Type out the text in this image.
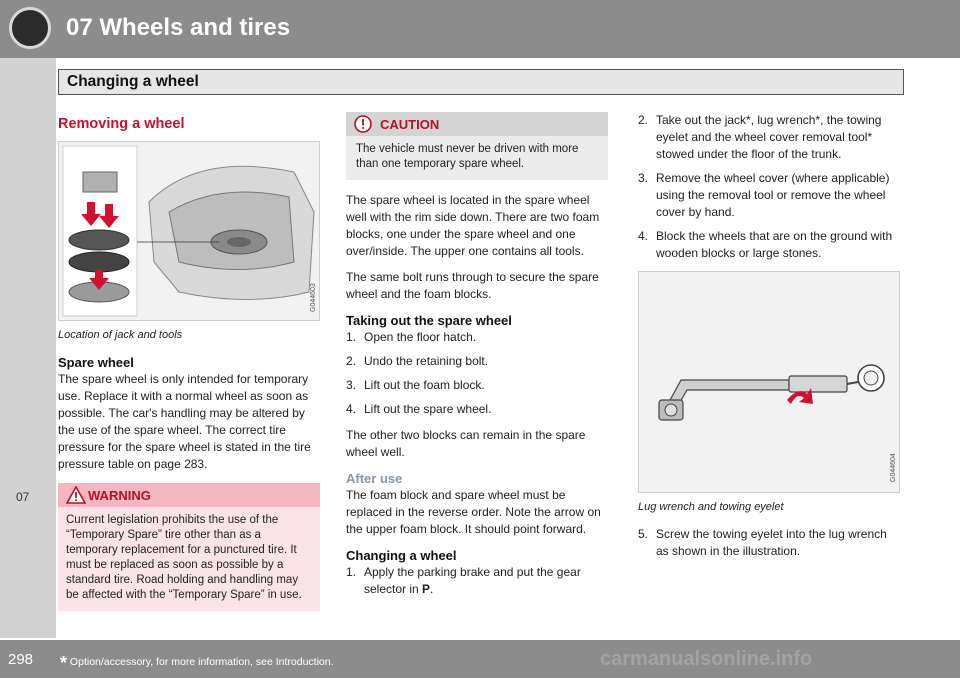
07 Wheels and tires
Changing a wheel
07
Removing a wheel
G044603

Location of jack and tools

Spare wheel

The spare wheel is only intended for temporary use. Replace it with a normal wheel as soon as possible. The car's handling may be altered by the use of the spare wheel. The correct tire pressure for the spare wheel is stated in the tire pressure table on page 283.

WARNING
Current legislation prohibits the use of the “Temporary Spare” tire other than as a temporary replacement for a punctured tire. It must be replaced as soon as possible by a standard tire. Road holding and handling may be affected with the “Temporary Spare” in use.
CAUTION
The vehicle must never be driven with more than one temporary spare wheel.

The spare wheel is located in the spare wheel well with the rim side down. There are two foam blocks, one under the spare wheel and one over/inside. The upper one contains all tools.

The same bolt runs through to secure the spare wheel and the foam blocks.

Taking out the spare wheel
1. Open the floor hatch.
2. Undo the retaining bolt.
3. Lift out the foam block.
4. Lift out the spare wheel.

The other two blocks can remain in the spare wheel well.

After use

The foam block and spare wheel must be replaced in the reverse order. Note the arrow on the upper foam block. It should point forward.

Changing a wheel
1. Apply the parking brake and put the gear selector in P.
2. Take out the jack*, lug wrench*, the towing eyelet and the wheel cover removal tool* stowed under the floor of the trunk.
3. Remove the wheel cover (where applicable) using the removal tool or remove the wheel cover by hand.
4. Block the wheels that are on the ground with wooden blocks or large stones.
G044604

Lug wrench and towing eyelet

5. Screw the towing eyelet into the lug wrench as shown in the illustration.
298 * Option/accessory, for more information, see Introduction.	carmanualsonline.info
